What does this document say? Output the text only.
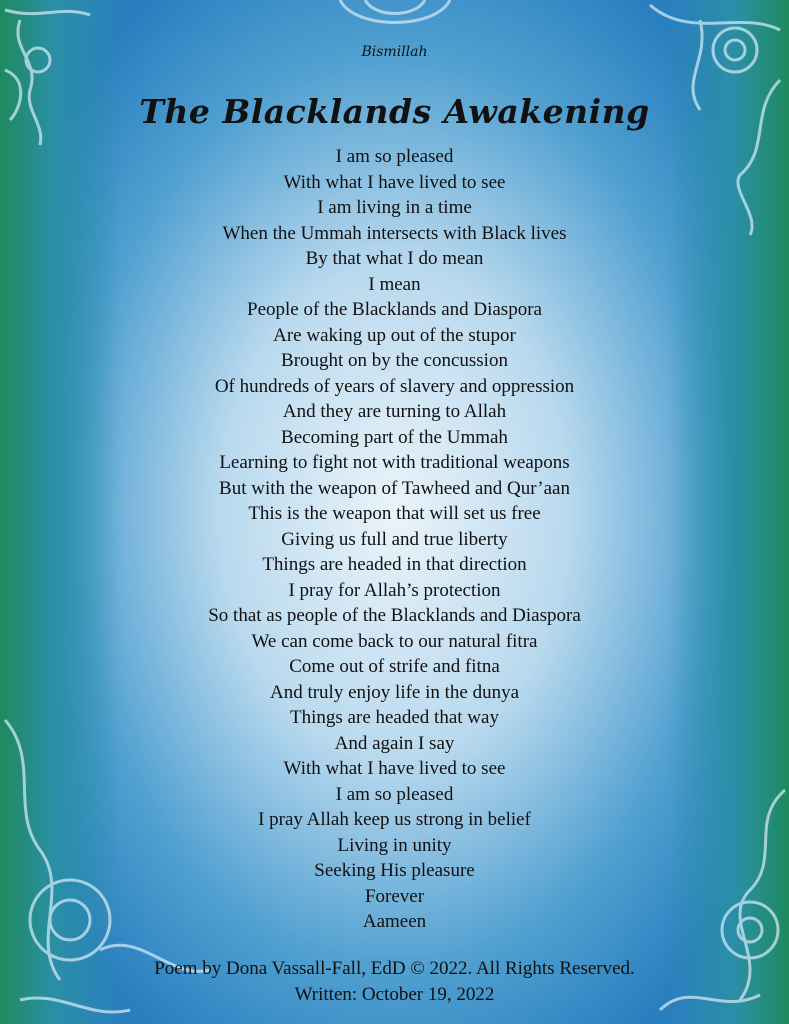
Bismillah
The Blacklands Awakening
I am so pleased
With what I have lived to see
I am living in a time
When the Ummah intersects with Black lives
By that what I do mean
I mean
People of the Blacklands and Diaspora
Are waking up out of the stupor
Brought on by the concussion
Of hundreds of years of slavery and oppression
And they are turning to Allah
Becoming part of the Ummah
Learning to fight not with traditional weapons
But with the weapon of Tawheed and Qur’aan
This is the weapon that will set us free
Giving us full and true liberty
Things are headed in that direction
I pray for Allah’s protection
So that as people of the Blacklands and Diaspora
We can come back to our natural fitra
Come out of strife and fitna
And truly enjoy life in the dunya
Things are headed that way
And again I say
With what I have lived to see
I am so pleased
I pray Allah keep us strong in belief
Living in unity
Seeking His pleasure
Forever
Aameen
Poem by Dona Vassall-Fall, EdD © 2022. All Rights Reserved.
Written: October 19, 2022
